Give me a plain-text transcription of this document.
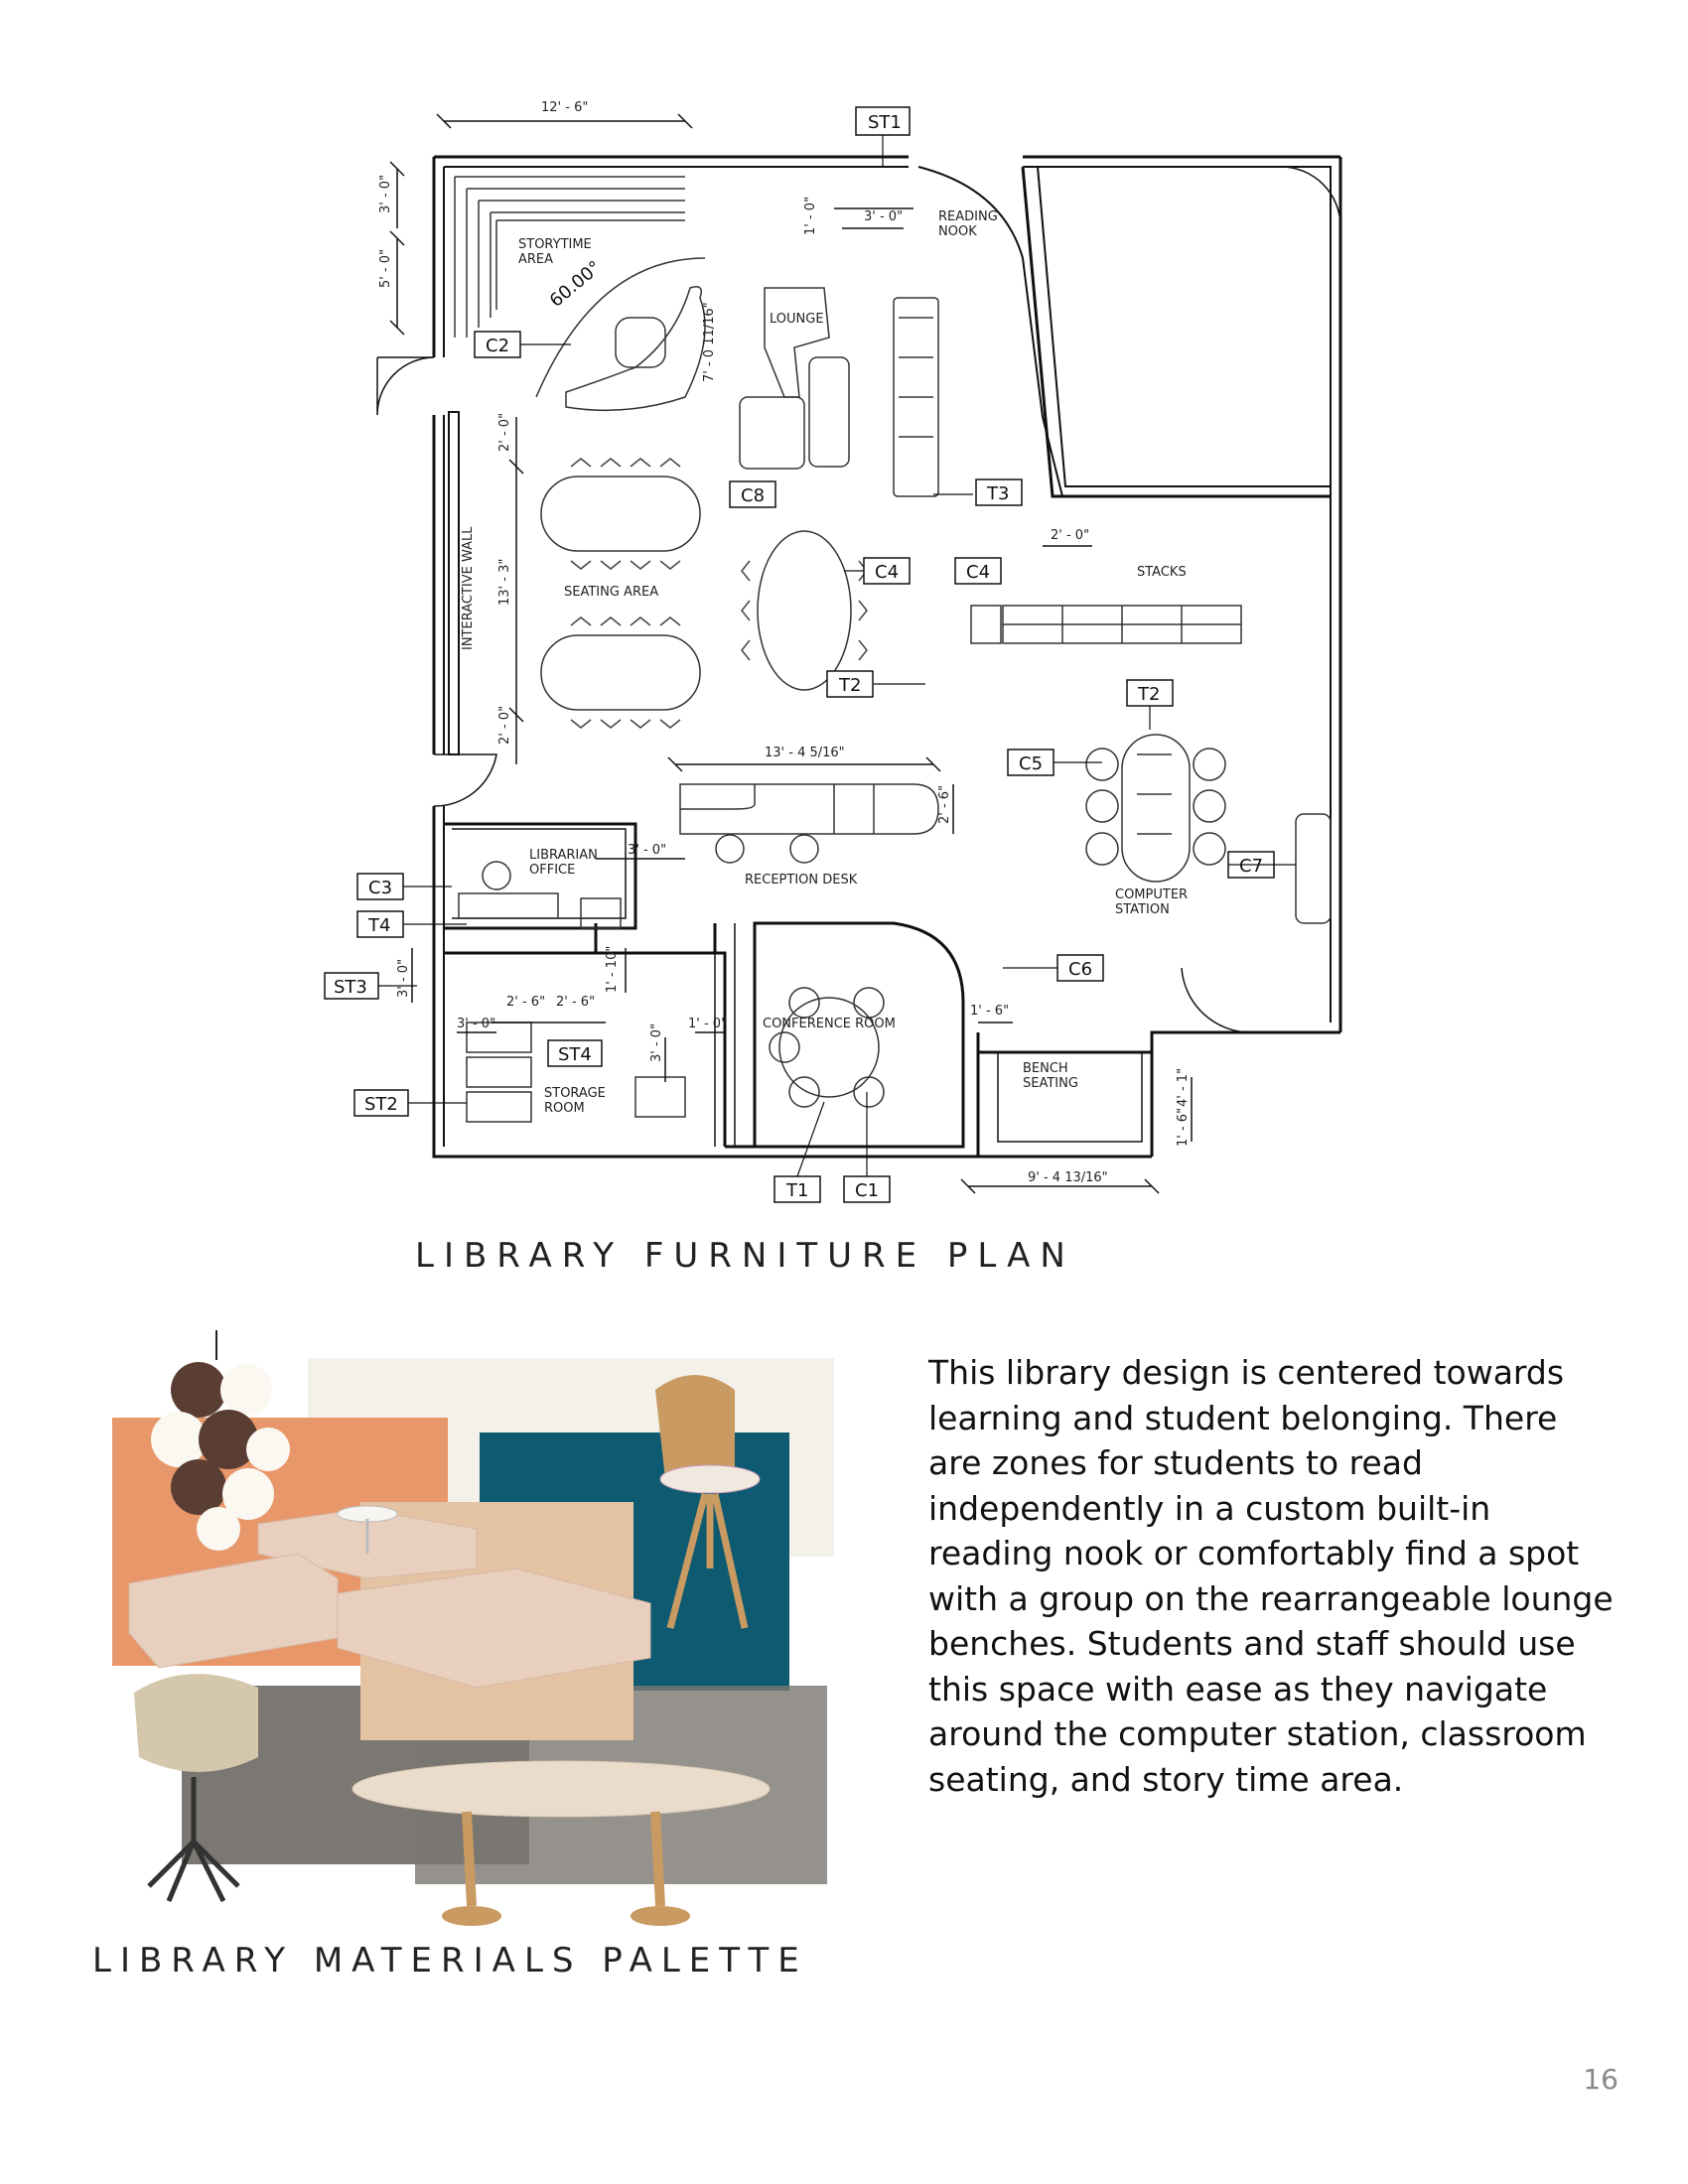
STORYTIME
AREA
READING
NOOK
LOUNGE
SEATING AREA
INTERACTIVE WALL	STACKS
LIBRARIAN
OFFICE
RECEPTION DESK
COMPUTER
STATION
CONFERENCE ROOM
STORAGE
ROOM
BENCH
SEATING
12' - 6"
3' - 0"
5' - 0"	60.00°
7' - 0 11/16"
1' - 0"	3' - 0"
2' - 0"
13' - 3"
2' - 0"
2' - 0"
13' - 4 5/16"
2' - 6"
3' - 0"
3' - 0"
2' - 6" 2' - 6"
1' - 10"
3' - 0"	3' - 0" 1' - 0"
1' - 6"
9' - 4 13/16"
1' - 6"
4' - 1"
ST1
C2
C8	T3
C4	C4
T2	T2
C5
C7
C3
T4
ST3
ST4
ST2
C6
T1	C1
LIBRARY FURNITURE PLAN
LIBRARY MATERIALS PALETTE
This library design is centered towards learning and student belonging. There are zones for students to read independently in a custom built-in reading nook or comfortably find a spot with a group on the rearrangeable lounge benches. Students and staff should use this space with ease as they navigate around the computer station, classroom seating, and story time area.
16
